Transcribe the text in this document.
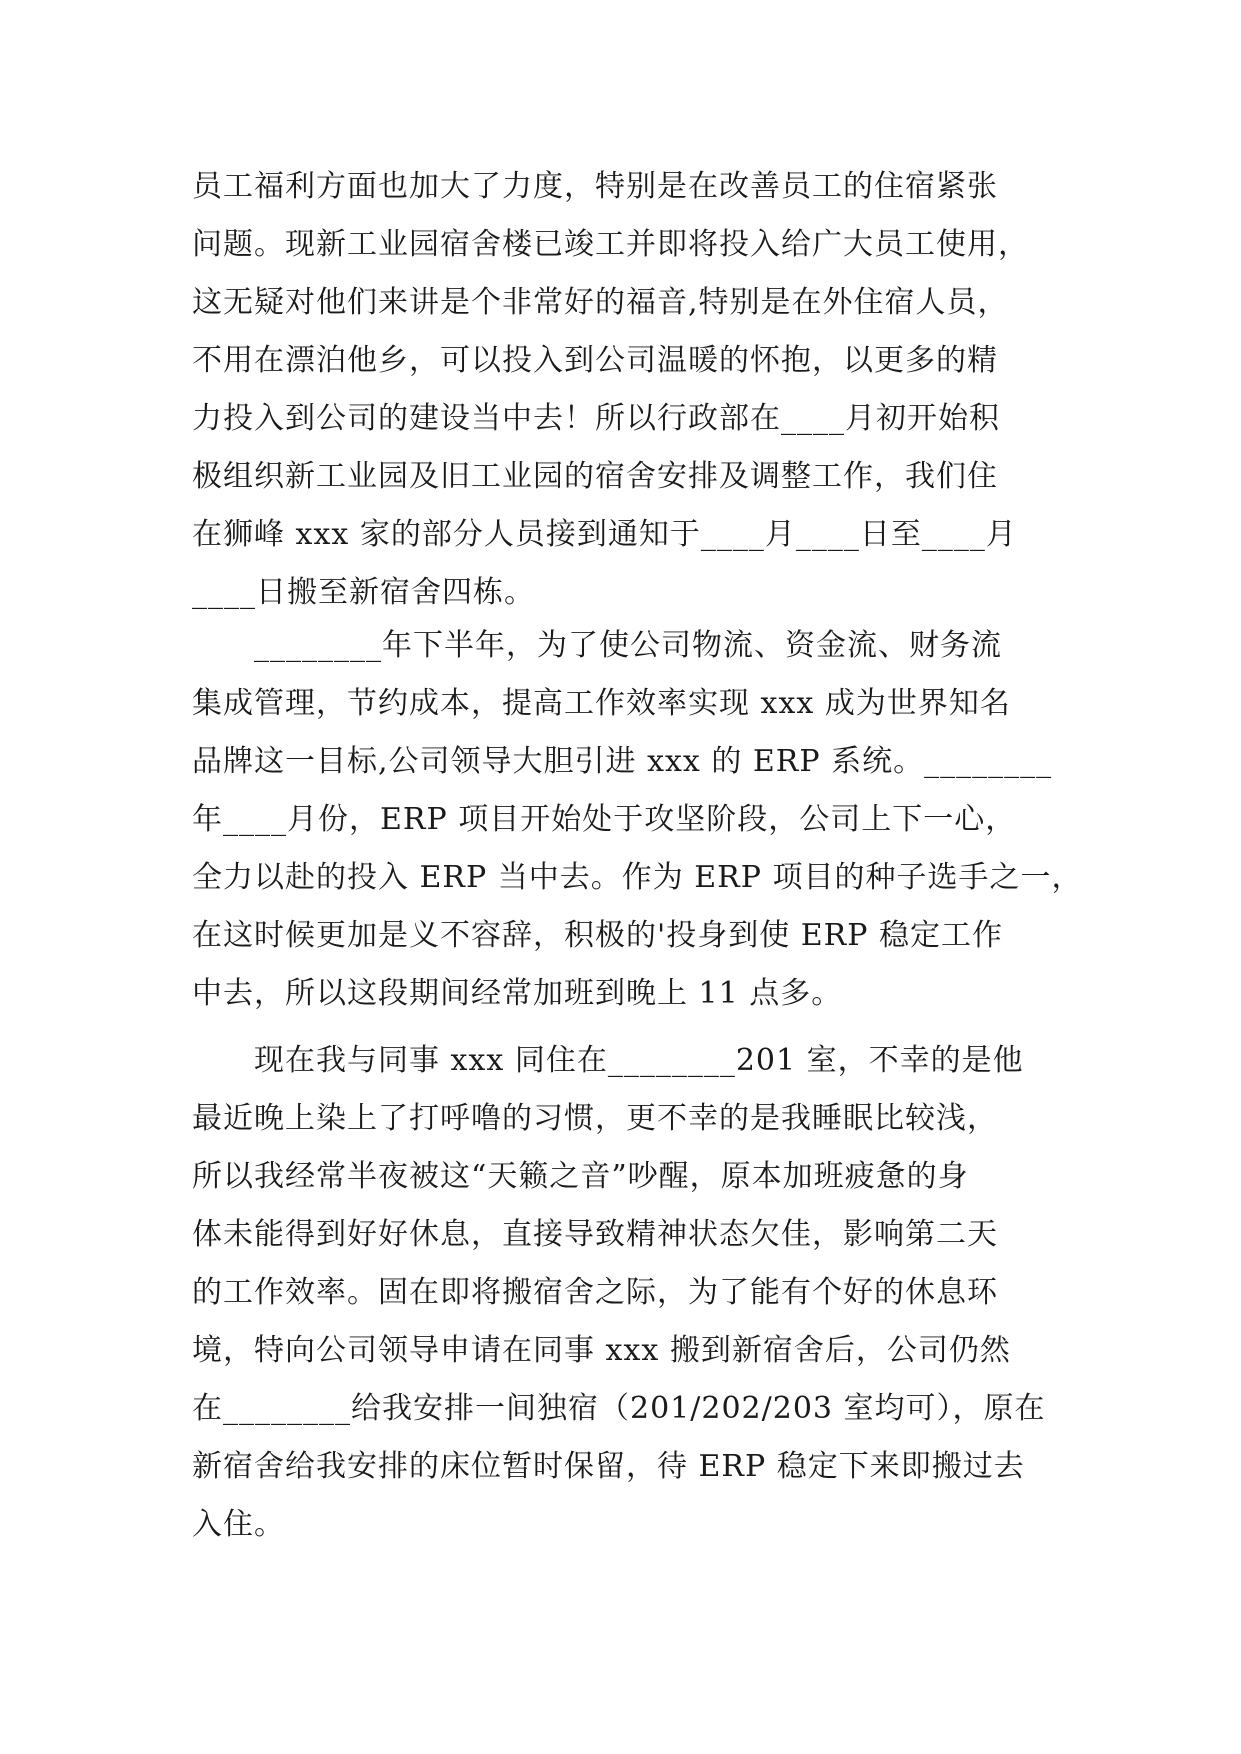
员工福利方面也加大了力度，特别是在改善员工的住宿紧张
问题。现新工业园宿舍楼已竣工并即将投入给广大员工使用，
这无疑对他们来讲是个非常好的福音,特别是在外住宿人员，
不用在漂泊他乡，可以投入到公司温暖的怀抱，以更多的精
力投入到公司的建设当中去！所以行政部在____月初开始积
极组织新工业园及旧工业园的宿舍安排及调整工作，我们住
在狮峰 xxx 家的部分人员接到通知于____月____日至____月
____日搬至新宿舍四栋。
　　________年下半年，为了使公司物流、资金流、财务流
集成管理，节约成本，提高工作效率实现 xxx 成为世界知名
品牌这一目标,公司领导大胆引进 xxx 的 ERP 系统。________
年____月份，ERP 项目开始处于攻坚阶段，公司上下一心，
全力以赴的投入 ERP 当中去。作为 ERP 项目的种子选手之一，
在这时候更加是义不容辞，积极的'投身到使 ERP 稳定工作
中去，所以这段期间经常加班到晚上 11 点多。
　　现在我与同事 xxx 同住在________201 室，不幸的是他
最近晚上染上了打呼噜的习惯，更不幸的是我睡眠比较浅，
所以我经常半夜被这“天籁之音”吵醒，原本加班疲惫的身
体未能得到好好休息，直接导致精神状态欠佳，影响第二天
的工作效率。固在即将搬宿舍之际，为了能有个好的休息环
境，特向公司领导申请在同事 xxx 搬到新宿舍后，公司仍然
在________给我安排一间独宿（201/202/203 室均可），原在
新宿舍给我安排的床位暂时保留，待 ERP 稳定下来即搬过去
入住。
